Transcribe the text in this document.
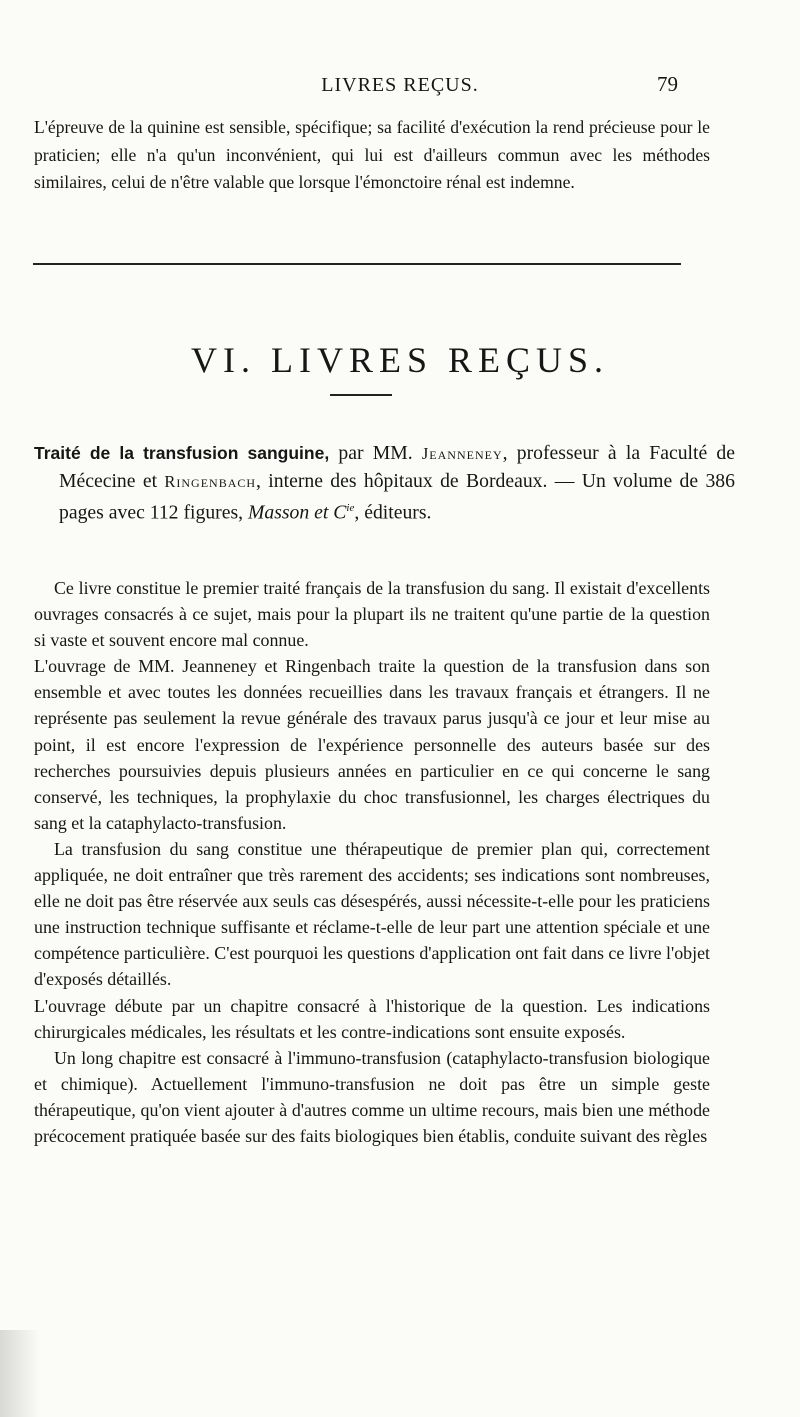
LIVRES REÇUS.	79

L'épreuve de la quinine est sensible, spécifique; sa facilité d'exécution la rend précieuse pour le praticien; elle n'a qu'un inconvénient, qui lui est d'ailleurs commun avec les méthodes similaires, celui de n'être valable que lorsque l'émonctoire rénal est indemne.

VI. LIVRES REÇUS.

Traité de la transfusion sanguine, par MM. Jeanneney, professeur à la Faculté de Mécecine et Ringenbach, interne des hôpitaux de Bordeaux. — Un volume de 386 pages avec 112 figures, Masson et $C^{ie}$, éditeurs.

Ce livre constitue le premier traité français de la transfusion du sang. Il existait d'excellents ouvrages consacrés à ce sujet, mais pour la plupart ils ne traitent qu'une partie de la question si vaste et souvent encore mal connue.

L'ouvrage de MM. Jeanneney et Ringenbach traite la question de la transfusion dans son ensemble et avec toutes les données recueillies dans les travaux français et étrangers. Il ne représente pas seulement la revue générale des travaux parus jusqu'à ce jour et leur mise au point, il est encore l'expression de l'expérience personnelle des auteurs basée sur des recherches poursuivies depuis plusieurs années en particulier en ce qui concerne le sang conservé, les techniques, la prophylaxie du choc transfusionnel, les charges électriques du sang et la cataphylacto-transfusion.

La transfusion du sang constitue une thérapeutique de premier plan qui, correctement appliquée, ne doit entraîner que très rarement des accidents; ses indications sont nombreuses, elle ne doit pas être réservée aux seuls cas désespérés, aussi nécessite-t-elle pour les praticiens une instruction technique suffisante et réclame-t-elle de leur part une attention spéciale et une compétence particulière. C'est pourquoi les questions d'application ont fait dans ce livre l'objet d'exposés détaillés.

L'ouvrage débute par un chapitre consacré à l'historique de la question. Les indications chirurgicales médicales, les résultats et les contre-indications sont ensuite exposés.

Un long chapitre est consacré à l'immuno-transfusion (cataphylacto-transfusion biologique et chimique). Actuellement l'immuno-transfusion ne doit pas être un simple geste thérapeutique, qu'on vient ajouter à d'autres comme un ultime recours, mais bien une méthode précocement pratiquée basée sur des faits biologiques bien établis, conduite suivant des règles
